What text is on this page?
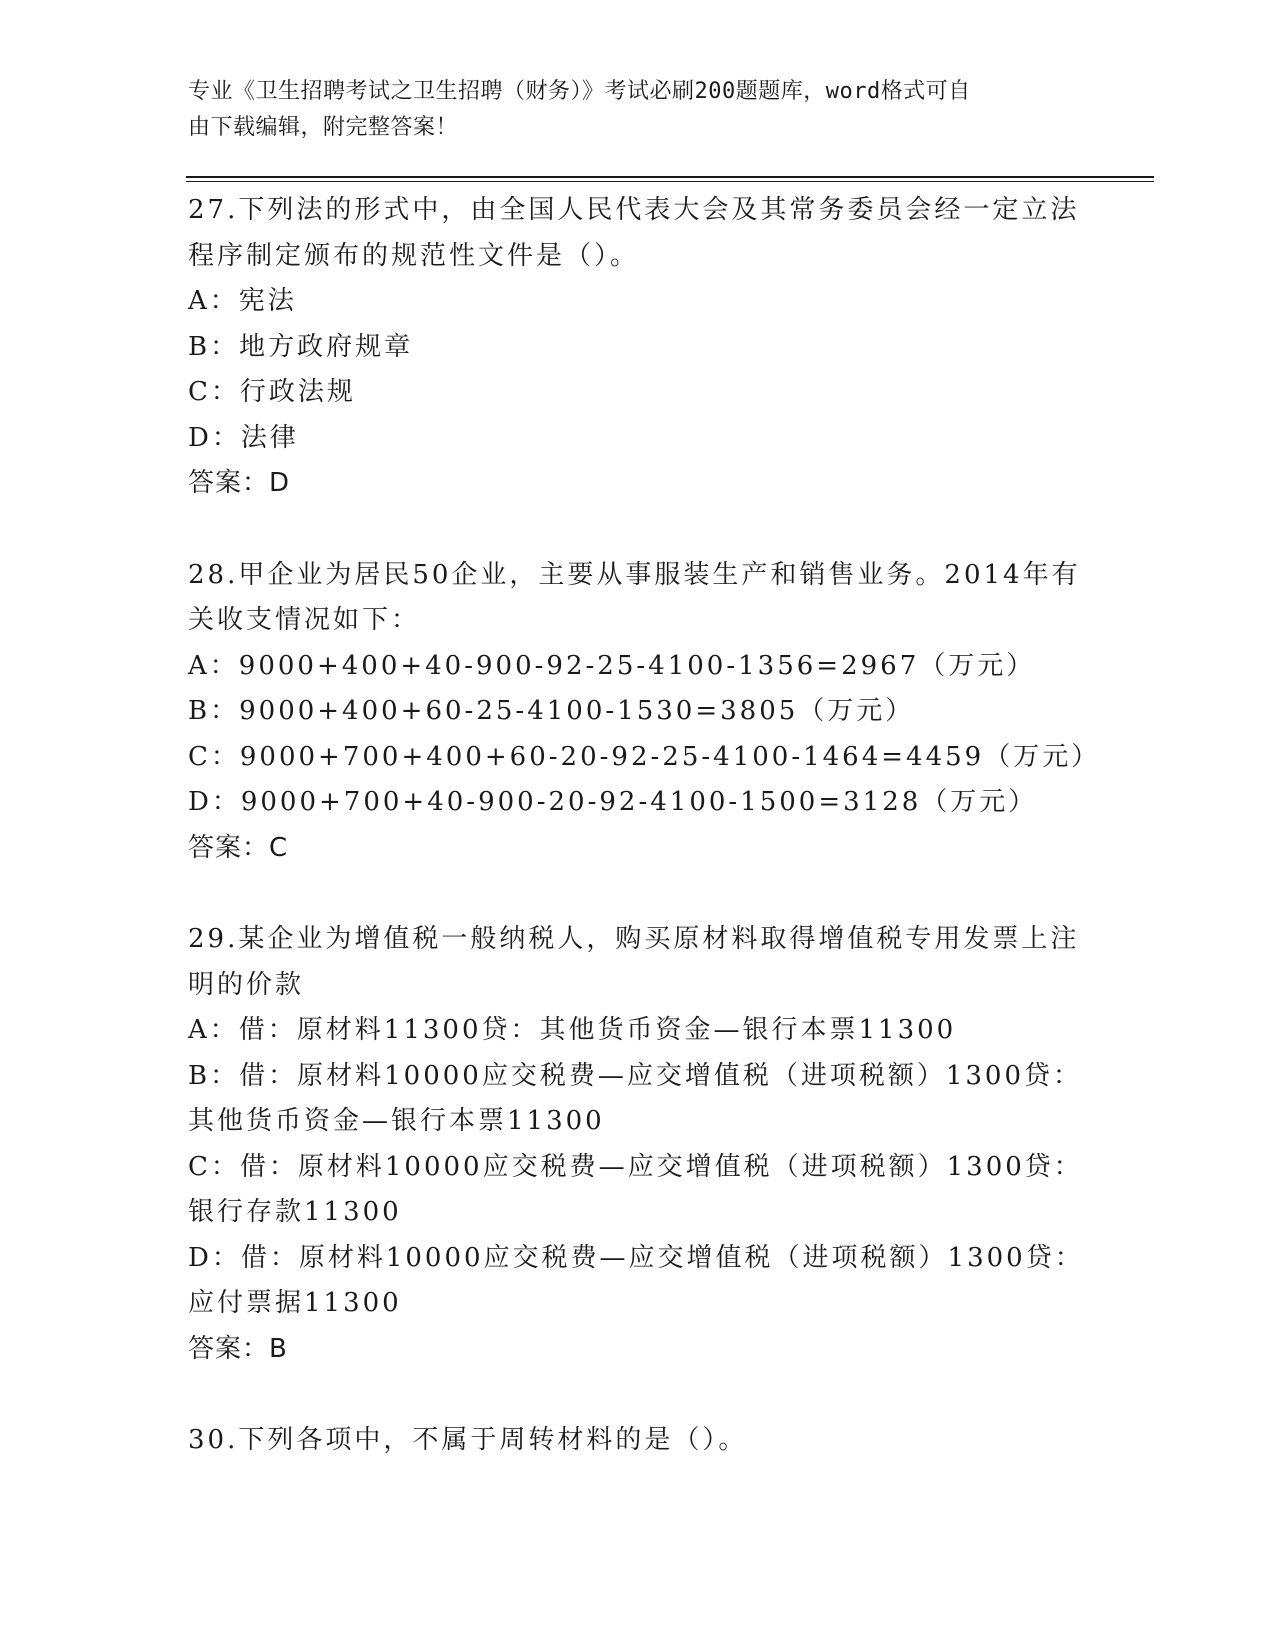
专业《卫生招聘考试之卫生招聘（财务）》考试必刷200题题库，word格式可自
由下载编辑，附完整答案！

27.下列法的形式中，由全国人民代表大会及其常务委员会经一定立法程序制定颁布的规范性文件是（）。

A：宪法

B：地方政府规章

C：行政法规

D：法律

答案：D

28.甲企业为居民50企业，主要从事服装生产和销售业务。2014年有关收支情况如下：

A：9000+400+40-900-92-25-4100-1356=2967（万元）

B：9000+400+60-25-4100-1530=3805（万元）

C：9000+700+400+60-20-92-25-4100-1464=4459（万元）

D：9000+700+40-900-20-92-4100-1500=3128（万元）

答案：C

29.某企业为增值税一般纳税人，购买原材料取得增值税专用发票上注明的价款

A：借：原材料11300贷：其他货币资金—银行本票11300

B：借：原材料10000应交税费—应交增值税（进项税额）1300贷：其他货币资金—银行本票11300

C：借：原材料10000应交税费—应交增值税（进项税额）1300贷：银行存款11300

D：借：原材料10000应交税费—应交增值税（进项税额）1300贷：应付票据11300

答案：B

30.下列各项中，不属于周转材料的是（）。
